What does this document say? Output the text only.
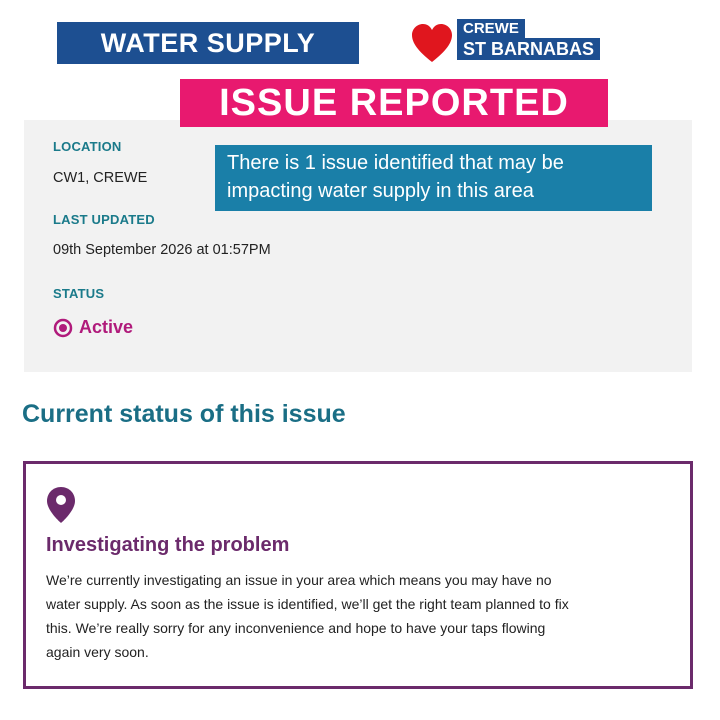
WATER SUPPLY	CREWE
ST BARNABAS
ISSUE REPORTED
LOCATION
CW1, CREWE
LAST UPDATED
09th September 2026 at 01:57PM
STATUS
Active
There is 1 issue identified that may be
impacting water supply in this area
Current status of this issue
Investigating the problem
We’re currently investigating an issue in your area which means you may have no
water supply. As soon as the issue is identified, we’ll get the right team planned to fix
this. We’re really sorry for any inconvenience and hope to have your taps flowing
again very soon.
